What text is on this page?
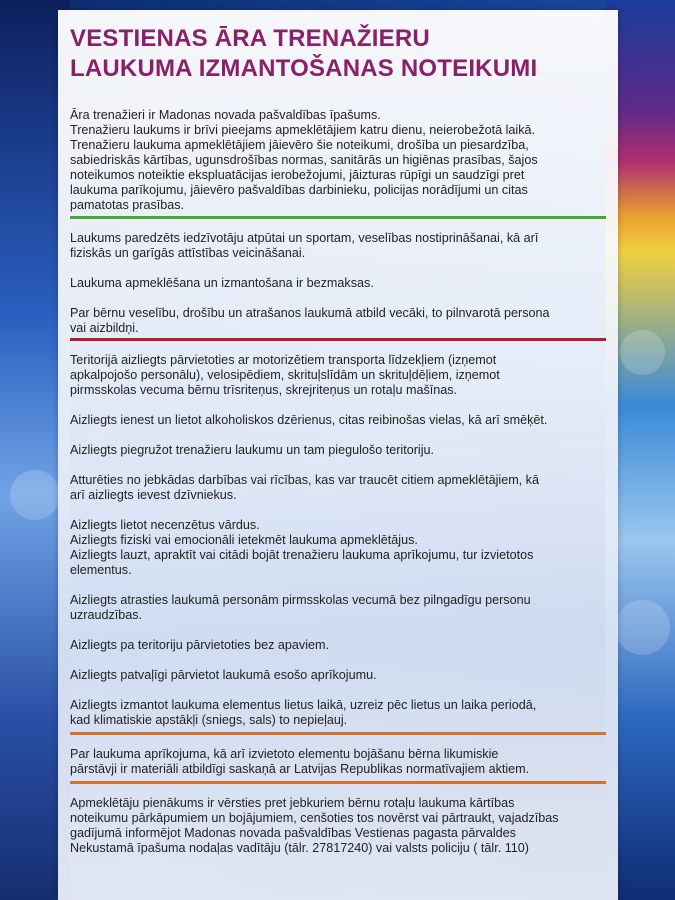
VESTIENAS ĀRA TRENAŽIERU
LAUKUMA IZMANTOŠANAS NOTEIKUMI
Āra trenažieri ir Madonas novada pašvaldības īpašums.
Trenažieru laukums ir brīvi pieejams apmeklētājiem katru dienu, neierobežotā laikā.
Trenažieru laukuma apmeklētājiem jāievēro šie noteikumi, drošība un piesardzība,
sabiedriskās kārtības, ugunsdrošības normas, sanitārās un higiēnas prasības, šajos
noteikumos noteiktie ekspluatācijas ierobežojumi, jāizturas rūpīgi un saudzīgi pret
laukuma parīkojumu, jāievēro pašvaldības darbinieku, policijas norādījumi un citas
pamatotas prasības.
Laukums paredzēts iedzīvotāju atpūtai un sportam, veselības nostiprināšanai, kā arī
fiziskās un garīgās attīstības veicināšanai.
Laukuma apmeklēšana un izmantošana ir bezmaksas.
Par bērnu veselību, drošību un atrašanos laukumā atbild vecāki, to pilnvarotā persona
vai aizbildņi.
Teritorijā aizliegts pārvietoties ar motorizētiem transporta līdzekļiem (izņemot
apkalpojošo personālu), velosipēdiem, skrituļslīdām un skrituļdēļiem, izņemot
pirmsskolas vecuma bērnu trīsriteņus, skrejriteņus un rotaļu mašīnas.
Aizliegts ienest un lietot alkoholiskos dzērienus, citas reibinošas vielas, kā arī smēķēt.
Aizliegts piegružot trenažieru laukumu un tam piegulošo teritoriju.
Atturēties no jebkādas darbības vai rīcības, kas var traucēt citiem apmeklētājiem, kā
arī aizliegts ievest dzīvniekus.
Aizliegts lietot necenzētus vārdus.
Aizliegts fiziski vai emocionāli ietekmēt laukuma apmeklētājus.
Aizliegts lauzt, apraktīt vai citādi bojāt trenažieru laukuma aprīkojumu, tur izvietotos
elementus.
Aizliegts atrasties laukumā personām pirmsskolas vecumā bez pilngadīgu personu
uzraudzības.
Aizliegts pa teritoriju pārvietoties bez apaviem.
Aizliegts patvaļīgi pārvietot laukumā esošo aprīkojumu.
Aizliegts izmantot laukuma elementus lietus laikā, uzreiz pēc lietus un laika periodā,
kad klimatiskie apstākļi (sniegs, sals) to nepieļauj.
Par laukuma aprīkojuma, kā arī izvietoto elementu bojāšanu bērna likumiskie
pārstāvji ir materiāli atbildīgi saskaņā ar Latvijas Republikas normatīvajiem aktiem.
Apmeklētāju pienākums ir vērsties pret jebkuriem bērnu rotaļu laukuma kārtības
noteikumu pārkāpumiem un bojājumiem, cenšoties tos novērst vai pārtraukt, vajadzības
gadījumā informējot Madonas novada pašvaldības Vestienas pagasta pārvaldes
Nekustamā īpašuma nodaļas vadītāju (tālr. 27817240) vai valsts policiju ( tālr. 110)
